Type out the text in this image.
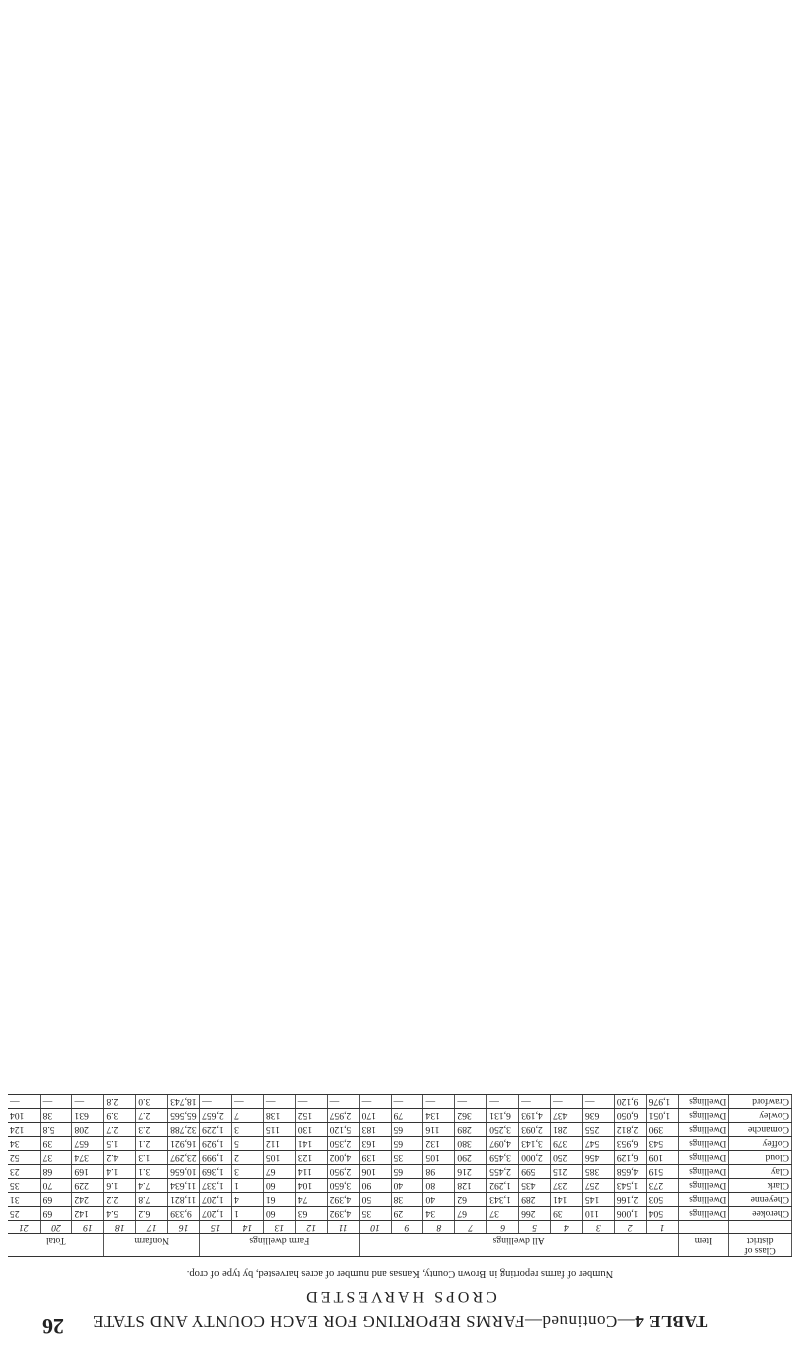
26	TABLE 4—Continued—FARMS REPORTING FOR EACH COUNTY AND STATE
CROPS HARVESTED
Number of farms reporting in Brown County, Kansas and number of acres harvested, by type of crop.
Class of district	Item	All dwellings										Farm dwellings					Nonfarm			Total		
		1	2	3	4	5	6	7	8	9	10	11	12	13	14	15	16	17	18	19	20	21
Cherokee	Dwellings	504	1,006	110	39	266	37	67	34	29	35	4,392	63	60	1	1,207	9,339	6.2	5.4	142	69	25
Cheyenne	Dwellings	503	2,166	145	141	289	1,343	62	40	38	50	4,392	74	61	4	1,207	11,821	7.8	2.2	242	69	31
Clark	Dwellings	273	1,543	257	237	435	1,292	128	80	40	90	3,650	104	60	1	1,337	11,634	7.4	1.6	229	70	35
Clay	Dwellings	519	4,658	385	215	599	2,455	216	98	65	106	2,950	114	67	3	1,369	10,656	3.1	1.4	169	68	23
Cloud	Dwellings	109	6,129	456	250	2,000	3,459	290	105	35	139	4,002	123	105	2	1,999	23,297	1.3	4.2	374	37	52
Coffey	Dwellings	543	6,953	547	379	3,143	4,097	380	132	65	163	2,350	141	112	5	1,929	16,921	2.1	1.5	657	39	34
Comanche	Dwellings	390	2,812	255	281	2,093	3,250	289	116	65	183	5,120	130	115	3	1,229	32,788	2.3	2.7	208	5.8	124
Cowley	Dwellings	1,051	6,050	636	437	4,193	6,131	362	134	79	170	2,957	152	138	7	2,657	65,565	2.7	3.9	631	38	104
Crawford	Dwellings	1,976	9,120	—	—	—	—	—	—	—	—	—	—	—	—	—	18,743	3.0	2.8	—	—	—
